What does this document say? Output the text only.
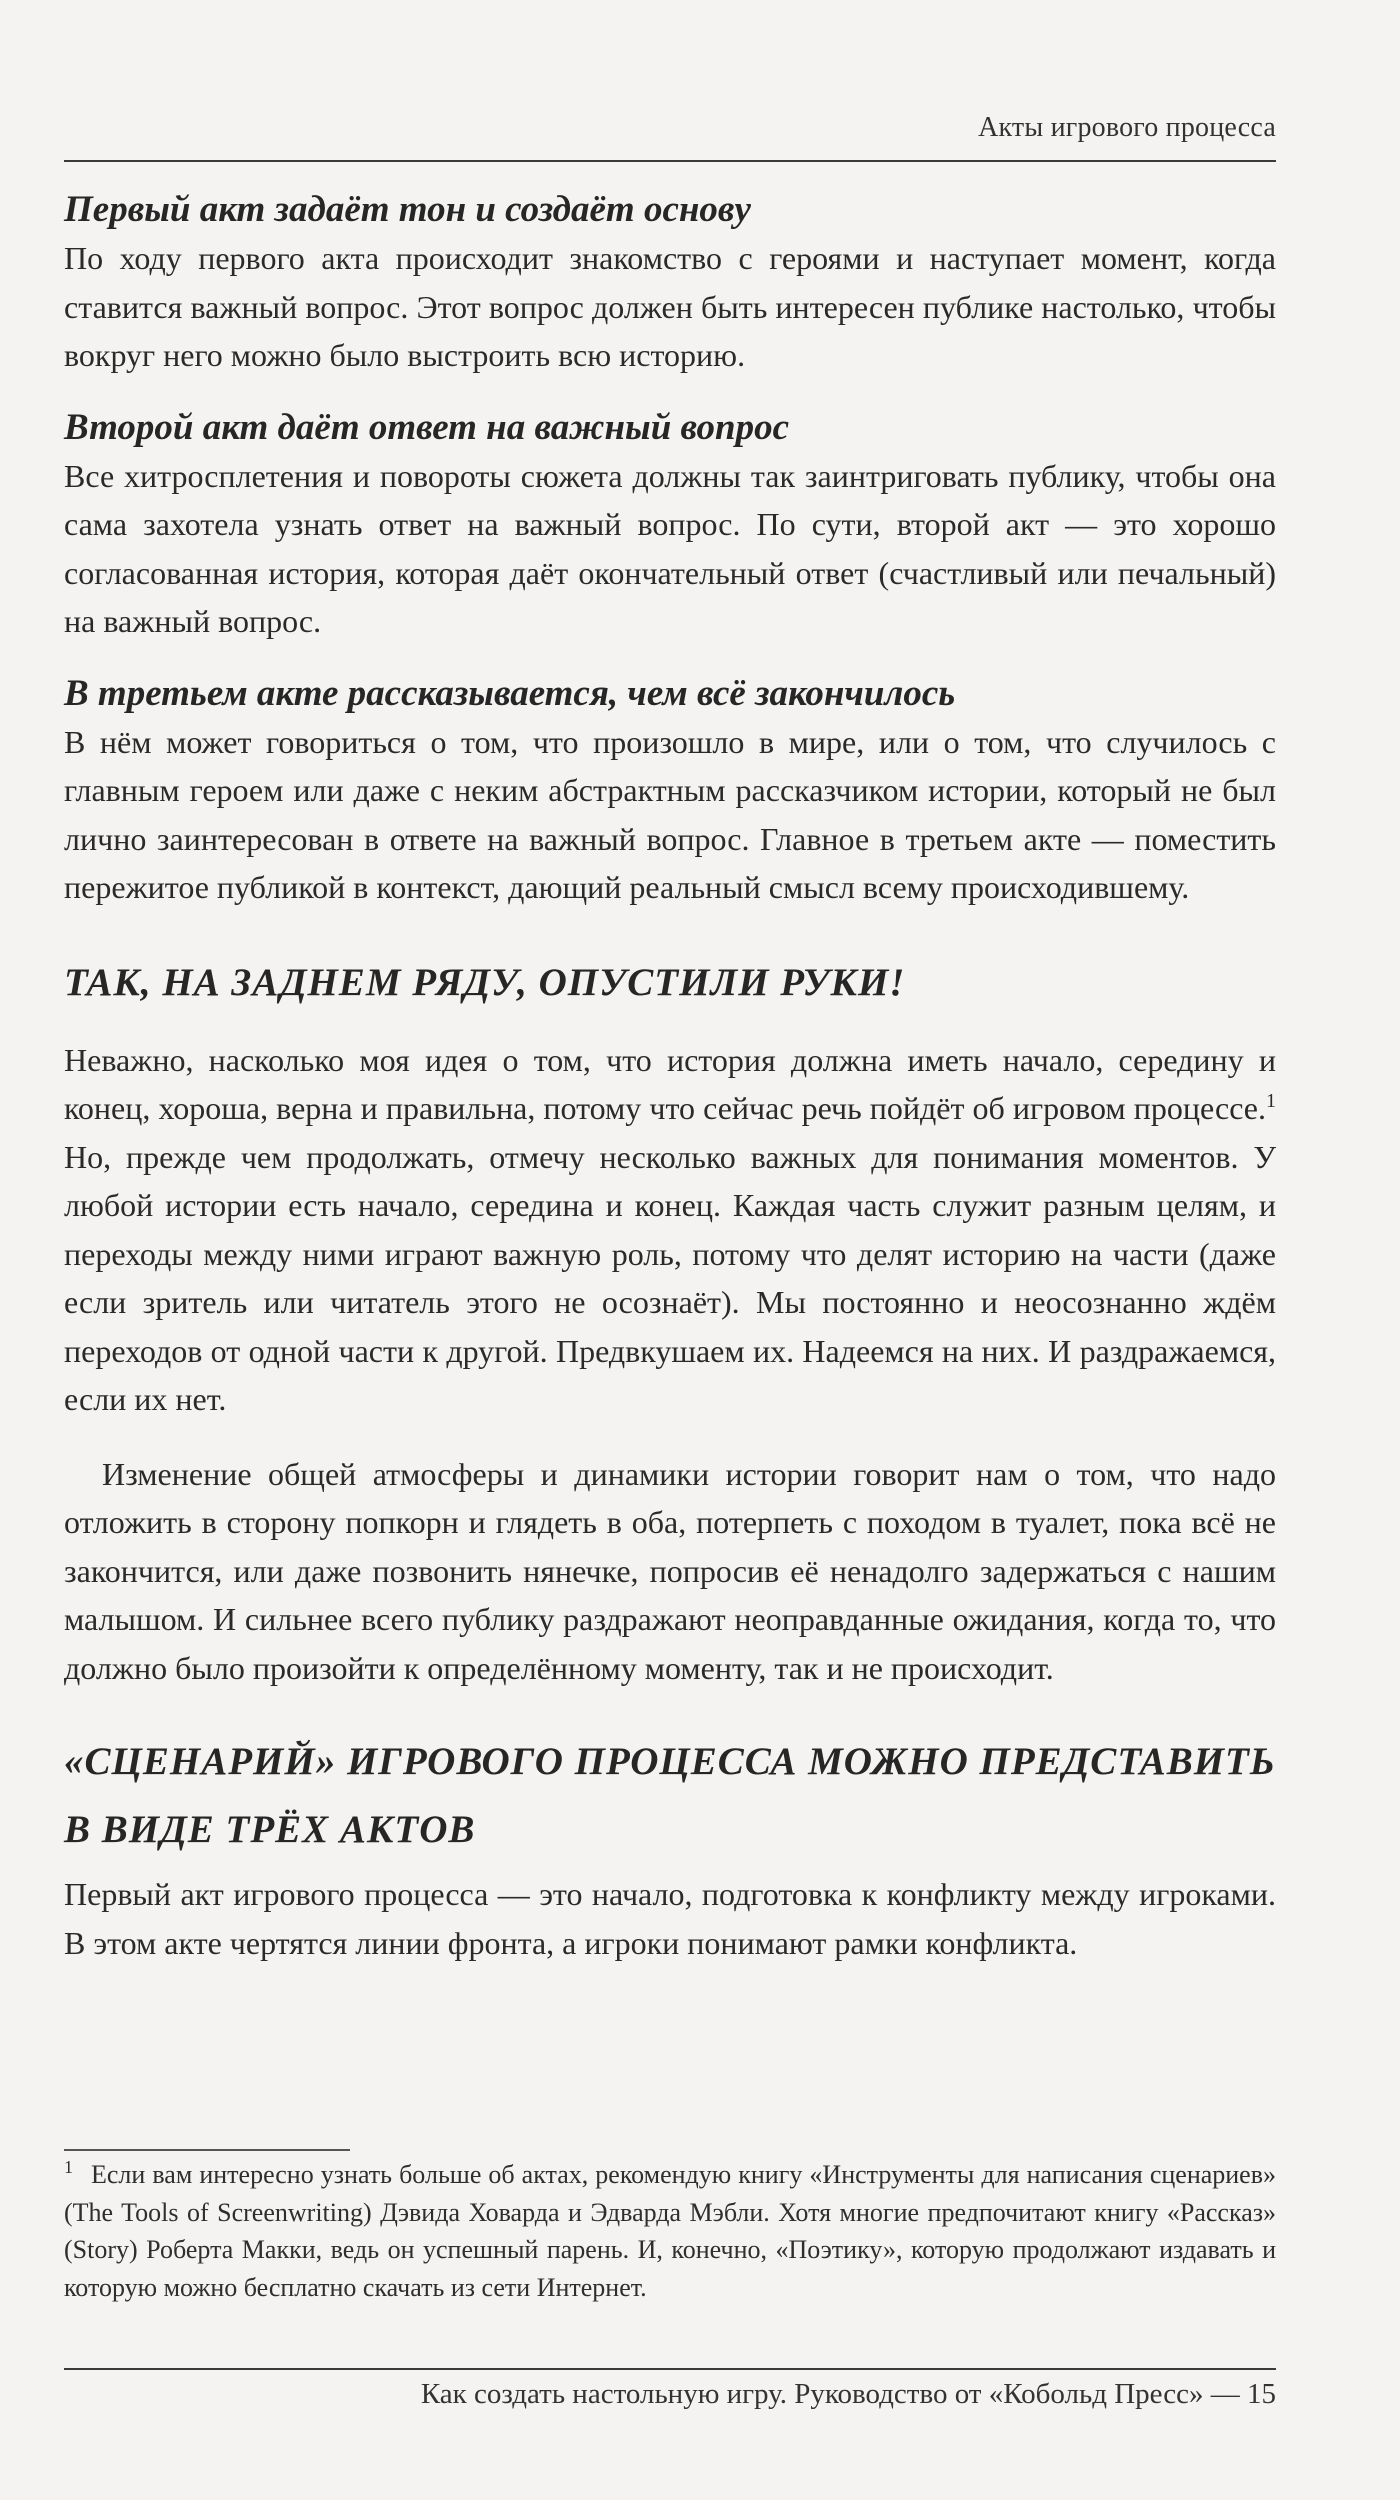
Акты игрового процесса
Первый акт задаёт тон и создаёт основу

По ходу первого акта происходит знакомство с героями и наступает момент, когда ставится важный вопрос. Этот вопрос должен быть интересен публике настолько, чтобы вокруг него можно было выстроить всю историю.

Второй акт даёт ответ на важный вопрос

Все хитросплетения и повороты сюжета должны так заинтриговать публику, чтобы она сама захотела узнать ответ на важный вопрос. По сути, второй акт — это хорошо согласованная история, которая даёт окончательный ответ (счастливый или печальный) на важный вопрос.

В третьем акте рассказывается, чем всё закончилось

В нём может говориться о том, что произошло в мире, или о том, что случилось с главным героем или даже с неким абстрактным рассказчиком истории, который не был лично заинтересован в ответе на важный вопрос. Главное в третьем акте — поместить пережитое публикой в контекст, дающий реальный смысл всему происходившему.

ТАК, НА ЗАДНЕМ РЯДУ, ОПУСТИЛИ РУКИ!

Неважно, насколько моя идея о том, что история должна иметь начало, середину и конец, хороша, верна и правильна, потому что сейчас речь пойдёт об игровом процессе.$^1$ Но, прежде чем продолжать, отмечу несколько важных для понимания моментов. У любой истории есть начало, середина и конец. Каждая часть служит разным целям, и переходы между ними играют важную роль, потому что делят историю на части (даже если зритель или читатель этого не осознаёт). Мы постоянно и неосознанно ждём переходов от одной части к другой. Предвкушаем их. Надеемся на них. И раздражаемся, если их нет.

Изменение общей атмосферы и динамики истории говорит нам о том, что надо отложить в сторону попкорн и глядеть в оба, потерпеть с походом в туалет, пока всё не закончится, или даже позвонить нянечке, попросив её ненадолго задержаться с нашим малышом. И сильнее всего публику раздражают неоправданные ожидания, когда то, что должно было произойти к определённому моменту, так и не происходит.

«СЦЕНАРИЙ» ИГРОВОГО ПРОЦЕССА МОЖНО ПРЕДСТАВИТЬ В ВИДЕ ТРЁХ АКТОВ

Первый акт игрового процесса — это начало, подготовка к конфликту между игроками. В этом акте чертятся линии фронта, а игроки понимают рамки конфликта.

$^1$ Если вам интересно узнать больше об актах, рекомендую книгу «Инструменты для написания сценариев» (The Tools of Screenwriting) Дэвида Ховарда и Эдварда Мэбли. Хотя многие предпочитают книгу «Рассказ» (Story) Роберта Макки, ведь он успешный парень. И, конечно, «Поэтику», которую продолжают издавать и которую можно бесплатно скачать из сети Интернет.
Как создать настольную игру. Руководство от «Кобольд Пресс» — 15
